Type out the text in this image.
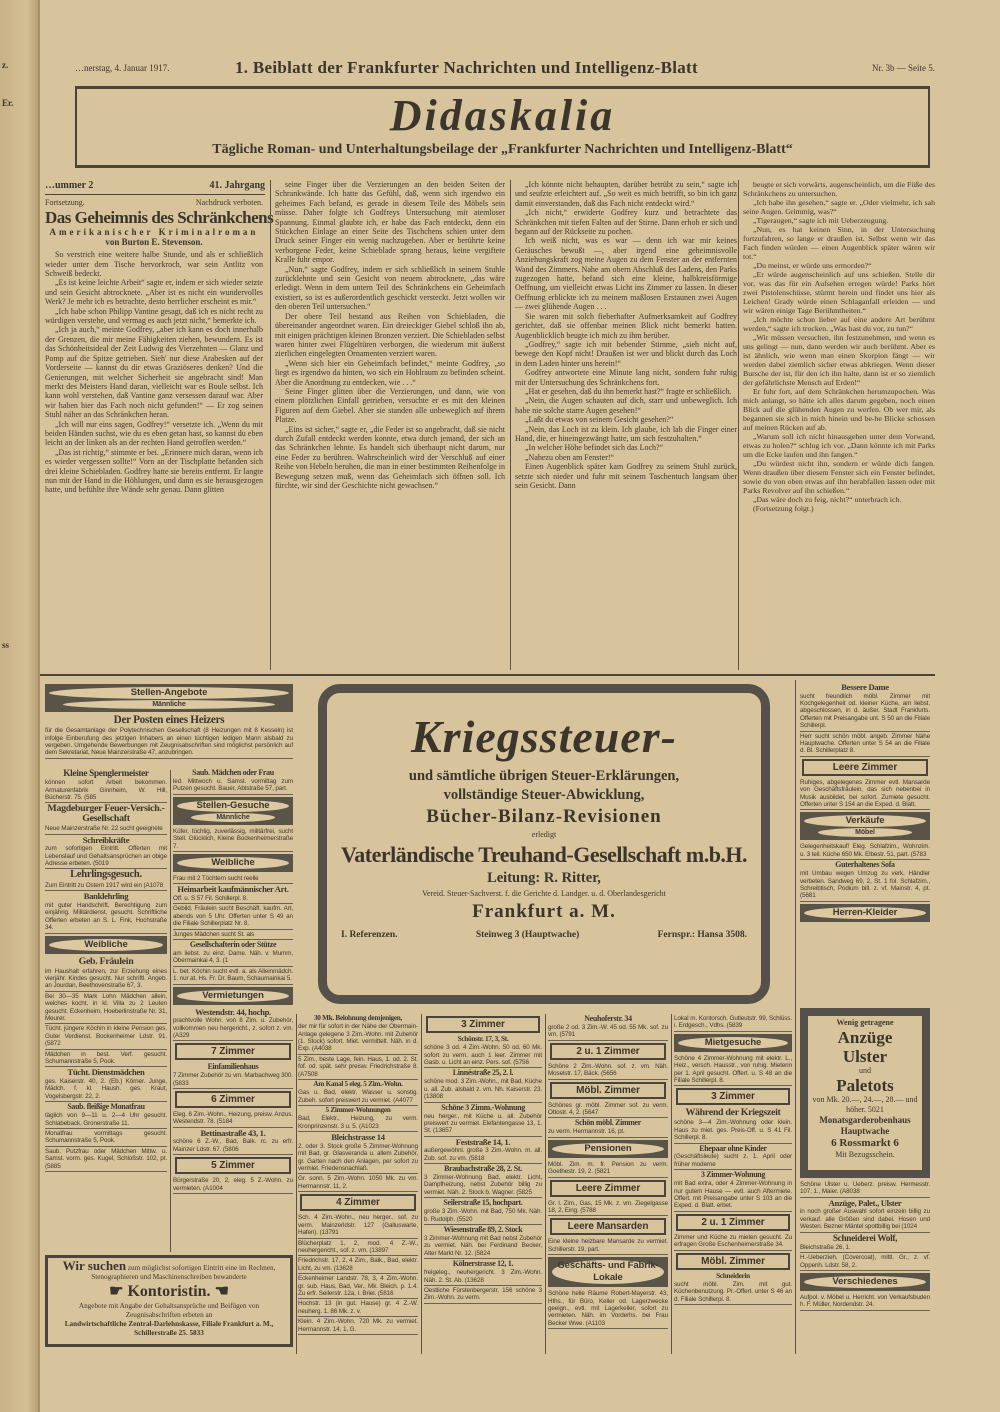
z.
Er.
ss
…nerstag, 4. Januar 1917.	1. Beiblatt der Frankfurter Nachrichten und Intelligenz-Blatt	Nr. 3b — Seite 5.
Didaskalia
Tägliche Roman- und Unterhaltungsbeilage der „Frankfurter Nachrichten und Intelligenz-Blatt“
…ummer 2	41. Jahrgang
Fortsetzung.	Nachdruck verboten.
Das Geheimnis des Schränkchens
Amerikanischer Kriminalroman
von Burton E. Stevenson.

So verstrich eine weitere halbe Stunde, und als er schließlich wieder unter dem Tische hervorkroch, war sein Antlitz von Schweiß bedeckt.

„Es ist keine leichte Arbeit“ sagte er, indem er sich wieder setzte und sein Gesicht abtrocknete. „Aber ist es nicht ein wundervolles Werk? Je mehr ich es betrachte, desto herrlicher erscheint es mir.“

„Ich habe schon Philipp Vantine gesagt, daß ich es nicht recht zu würdigen verstehe, und vermag es auch jetzt nicht,“ bemerkte ich.

„Ich ja auch,“ meinte Godfrey, „aber ich kann es doch innerhalb der Grenzen, die mir meine Fähigkeiten ziehen, bewundern. Es ist das Schönheitsideal der Zeit Ludwig des Vierzehnten — Glanz und Pomp auf die Spitze getrieben. Sieh' nur diese Arabesken auf der Vorderseite — kannst du dir etwas Graziöseres denken? Und die Genierungen, mit welcher Sicherheit sie angebracht sind! Man merkt des Meisters Hand daran, vielleicht war es Boule selbst. Ich kann wohl verstehen, daß Vantine ganz versessen darauf war. Aber wir haben hier das Fach noch nicht gefunden!“ — Er zog seinen Stuhl näher an das Schränkchen heran.

„Ich will nur eins sagen, Godfrey!“ versetzte ich. „Wenn du mit beiden Händen suchst, wie du es eben getan hast, so kannst du eben leicht an der linken als an der rechten Hand getroffen werden.“

„Das ist richtig,“ stimmte er bei. „Erinnere mich daran, wenn ich es wieder vergessen sollte!“ Vorn an der Tischplatte befanden sich drei kleine Schiebladen. Godfrey hatte sie bereits entfernt. Er langte nun mit der Hand in die Höhlungen, und dann es sie herausgezogen hatte, und befühlte ihre Wände sehr genau. Dann glitten

seine Finger über die Verzierungen an den beiden Seiten der Schrankwände. Ich hatte das Gefühl, daß, wenn sich irgendwo ein geheimes Fach befand, es gerade in diesem Teile des Möbels sein müsse. Daher folgte ich Godfreys Untersuchung mit atemloser Spannung. Einmal glaubte ich, er habe das Fach entdeckt, denn ein Stückchen Einlage an einer Seite des Tischchens schien unter dem Druck seiner Finger ein wenig nachzugeben. Aber er berührte keine verborgene Feder, keine Schieblade sprang heraus, keine vergiftete Kralle fuhr empor.

„Nun,“ sagte Godfrey, indem er sich schließlich in seinem Stuhle zurücklehnte und sein Gesicht von neuem abtrocknete, „das wäre erledigt. Wenn in dem untern Teil des Schränkchens ein Geheimfach existiert, so ist es außerordentlich geschickt versteckt. Jetzt wollen wir den oberen Teil untersuchen.“

Der obere Teil bestand aus Reihen von Schiebladen, die übereinander angeordnet waren. Ein dreieckiger Giebel schloß ihn ab, mit einigen prächtigen kleinen Bronzen verziert. Die Schiebladen selbst waren hinter zwei Flügeltüren verborgen, die wiederum mit äußerst zierlichen eingelegten Ornamenten verziert waren.

„Wenn sich hier ein Geheimfach befindet,“ meinte Godfrey, „so liegt es irgendwo da hinten, wo sich ein Hohlraum zu befinden scheint. Aber die Anordnung zu entdecken, wie . . .“

Seine Finger glitten über die Verzierungen, und dann, wie von einem plötzlichen Einfall getrieben, versuchte er es mit den kleinen Figuren auf dem Giebel. Aber sie standen alle unbeweglich auf ihrem Platze.

„Eins ist sicher,“ sagte er, „die Feder ist so angebracht, daß sie nicht durch Zufall entdeckt werden konnte, etwa durch jemand, der sich an das Schränkchen lehnte. Es handelt sich überhaupt nicht darum, nur eine Feder zu berühren. Wahrscheinlich wird der Verschluß auf einer Reihe von Hebeln beruhen, die man in einer bestimmten Reihenfolge in Bewegung setzen muß, wenn das Geheimfach sich öffnen soll. Ich fürchte, wir sind der Geschichte nicht gewachsen.“

„Ich könnte nicht behaupten, darüber betrübt zu sein,“ sagte ich und seufzte erleichtert auf. „So weit es mich betrifft, so bin ich ganz damit einverstanden, daß das Fach nicht entdeckt wird.“

„Ich nicht,“ erwiderte Godfrey kurz und betrachtete das Schränkchen mit tiefen Falten auf der Stirne. Dann erhob er sich und begann auf der Rückseite zu pochen.

Ich weiß nicht, was es war — denn ich war mir keines Geräusches bewußt —, aber irgend eine geheimnisvolle Anziehungskraft zog meine Augen zu dem Fenster an der entfernten Wand des Zimmers. Nahe am obern Abschluß des Ladens, den Parks zugezogen hatte, befand sich eine kleine, halbkreisförmige Oeffnung, um vielleicht etwas Licht ins Zimmer zu lassen. In dieser Oeffnung erblickte ich zu meinem maßlosen Erstaunen zwei Augen — zwei glühende Augen . . .

Sie waren mit solch fieberhafter Aufmerksamkeit auf Godfrey gerichtet, daß sie offenbar meinen Blick nicht bemerkt hatten. Augenblicklich beugte ich mich zu ihm herüber.

„Godfrey,“ sagte ich mit bebender Stimme, „sieh nicht auf, bewege den Kopf nicht! Draußen ist wer und blickt durch das Loch in dem Laden hinter uns herein!“

Godfrey antwortete eine Minute lang nicht, sondern fuhr ruhig mit der Untersuchung des Schränkchens fort.

„Hat er gesehen, daß du ihn bemerkt hast?“ fragte er schließlich.

„Nein, die Augen schauten auf dich, starr und unbeweglich. Ich habe nie solche starre Augen gesehen!“

„Laßt du etwas von seinem Gesicht gesehen?“

„Nein, das Loch ist zu klein. Ich glaube, ich lab die Finger einer Hand, die, er hineingezwängt hatte, um sich festzuhalten.“

„In welcher Höhe befindet sich das Loch?“

„Nahezu oben am Fenster!“

Einen Augenblick später kam Godfrey zu seinem Stuhl zurück, setzte sich nieder und fuhr mit seinem Taschentuch langsam über sein Gesicht. Dann

beugte er sich vorwärts, augenscheinlich, um die Füße des Schränkchens zu untersuchen.

„Ich habe ihn gesehen,“ sagte er. „Oder vielmehr, ich sah seine Augen. Grimmig, was?“

„Tigeraugen,“ sagte ich mit Ueberzeugung.

„Nun, es hat keinen Sinn, in der Untersuchung fortzufahren, so lange er draußen ist. Selbst wenn wir das Fach finden würden — einen Augenblick später wären wir tot.“

„Du meinst, er würde uns ermorden?“

„Er würde augenscheinlich auf uns schießen. Stelle dir vor, was das für ein Aufsehen erregen würde! Parks hört zwei Pistolenschüsse, stürmt herein und findet uns hier als Leichen! Grady würde einen Schlaganfall erleiden — und wir wären einige Tage Berühmtheiten.“

„Ich möchte schon lieber auf eine andere Art berühmt werden,“ sagte ich trocken. „Was hast du vor, zu tun?“

„Wir müssen versuchen, ihn festzunehmen, und wenn es uns gelingt — nun, dann werden wir auch berühmt. Aber es ist ähnlich, wie wenn man einen Skorpion fängt — wir werden dabei ziemlich sicher etwas abkriegen. Wenn dieser Bursche der ist, für den ich ihn halte, dann ist er so ziemlich der gefährlichste Mensch auf Erden!“

Er fuhr fort, auf dem Schränkchen herumzupochen. Was mich anlangt, so hätte ich alles darum gegeben, noch einen Blick auf die glühenden Augen zu werfen. Ob wer mir, als begannen sie sich in mich hinein und be-he Blicke schossen auf meinen Rücken auf ab.

„Warum soll ich nicht hinausgehen unter dem Vorwand, etwas zu holen?“ schlug ich vor. „Dann könnte ich mit Parks um die Ecke laufen und ihn fangen.“

„Du würdest nicht ihn, sondern er würde dich fangen. Wenn draußen über diesem Fenster sich ein Fenster befindet, sowie du von oben etwas auf ihn herabfallen lassen oder mit Parks Revolver auf ihn schießen.“

„Das wäre doch zu feig, nicht?“ unterbrach ich.

(Fortsetzung folgt.)

Stellen-Angebote
Männliche
Der Posten eines Heizers
für die Gesamtanlage der Polytechnischen Gesellschaft (8 Heizungen mit 8 Kesseln) ist infolge Einberufung des jetzigen Inhabers an einen tüchtigen ledigen Mann alsbald zu vergeben. Umgehende Bewerbungen mit Zeugnisabschriften sind möglichst persönlich auf dem Sekretariat, Neue Mainzerstraße 47, anzubringen.
Kleine Spenglermeister
können sofort Arbeit bekommen. Armaturenfabrik Ginnheim, W. Hill, Bücherstr. 75. (585
Magdeburger Feuer-Versich.-Gesellschaft
Neue Mainzerstraße Nr. 22 sucht geeignete
Schreibkräfte
zum sofortigen Eintritt. Offerten mit Lebenslauf und Gehaltsansprüchen an obige Adresse erbeten. (5019
Lehrlingsgesuch.
Zum Eintritt zu Ostern 1917 wird ein (A1078
Banklehrling
mit guter Handschrift, Berechtigung zum einjährig. Militärdienst, gesucht. Schriftliche Offerten erbeten an S. L. Fink, Hochstraße 34.
Weibliche
Geb. Fräulein
im Haushalt erfahren, zur Erziehung eines vierjähr. Kindes gesucht. Nur schriftl. Angeb. an Jourdan, Beethovenstraße 67, 3.
Bei 30—35 Mark Lohn Mädchen allein, welches kocht, in kl. Villa zu 2 Leuten gesucht. Eckenheim, Hoeberlinstraße Nr. 31, Meurer.
Tücht. jüngere Köchin in kleine Pension ges. Guter Verdienst. Bockenheimer Ldstr. 91. (5872
Mädchen in best. Verf. gesucht. Schumannstraße 5, Pook.
Tücht. Dienstmädchen
ges. Kaiserstr. 40, 2. (Eb.) Körner. Junge, Mädch. f. kl. Haush. ges. Kraut, Vogelsbergstr. 22, 2.
Saub. fleißige Monatfrau
täglich von 9—11 u. 2—4 Uhr gesucht. Schlabeback, Gronerstraße 11.
Monatfrau vormittags gesucht. Schumannstraße 5, Pook.
Saub. Putzfrau oder Mädchen Mittw. u. Samst. vorm. ges. Kugel, Schloßstr. 102, pt. (5885
Saub. Mädchen oder Frau
led. Mittwoch u. Samst. vormittag zum Putzen gesucht. Bauer, Abtstraße 57, part.
Stellen-Gesuche
Männliche
Küfer, tüchtig, zuverlässig, militärfrei, sucht Stell. Glücklich, Kleine Bockenheimerstraße 7.
Weibliche
Frau mit 2 Töchtern sucht reelle
Heimarbeit kaufmännischer Art.
Off. u. S 57 Fil. Schillerpl. 8.
Gebild. Fräulein sucht Beschäft. kaufm. Art, abends von 5 Uhr. Offerten unter S 49 an die Filiale Schillerplatz Nr. 8.
Junges Mädchen sucht St. als
Gesellschafterin oder Stütze
am liebst. zu einz. Dame. Näh. v. Mumm, Obermainkai 4, 3. (1
L. bet. Köchin sucht evtl. a. als Alleinmädch. 1. nur at. Hs. Fr. Dr. Baum, Schaumainkai 5.
Vermietungen
Westendstr. 44, hochp.
prachtvolle Wohn. von 8 Zim. u. Zubehör, vollkommen neu hergericht., z. sofort z. vm. (A329
7 Zimmer
Einfamilienhaus
7 Zimmer Zubehör zu vm. Marbachweg 300. (5833
6 Zimmer
Eleg. 6 Zim.-Wohn., Heizung, preisw. Anzus. Westendstr. 78. (5184
Bettinastraße 43, 1.
schöne 6 Z.-W., Bad, Balk. rc. zu erfr. Mainzer Ldstr. 67. (5806
5 Zimmer
Bürgerstraße 20, 2, eleg. 5 Z.-Wohn. zu vermieten. (A1004
Wir suchen zum möglichst sofortigen Eintritt eine im Rechnen, Stenographieren und Maschinenschreiben bewanderte
☛ Kontoristin. ☚
Angebote mit Angabe der Gehaltsansprüche und Beifügen von Zeugnisabschriften erbeten an
Landwirtschaftliche Zentral-Darlehnskasse, Filiale Frankfurt a. M., Schillerstraße 25. 5833
Kriegssteuer-
und sämtliche übrigen Steuer-Erklärungen,
vollständige Steuer-Abwicklung,
Bücher-Bilanz-Revisionen
erledigt
Vaterländische Treuhand-Gesellschaft m.b.H.
Leitung: R. Ritter,
Vereid. Steuer-Sachverst. f. die Gerichte d. Landger. u. d. Oberlandesgericht
Frankfurt a. M.
I. Referenzen.	Steinweg 3 (Hauptwache)	Fernspr.: Hansa 3508.
30 Mk. Belohnung demjenigen,
der mir für sofort in der Nähe der Obermain-Anlage gelegene 3 Zim.-Wohn. mit Zubehör (1. Stock) sofort. Miet. vermittelt. Näh. in d. Exp. (A4038
5 Zim., beste Lage, fein. Haus, 1. od. 2. St. fof. od. spät. sehr preisw. Friedrichstraße 8. (A7508
Am Kanal 5 eleg. 5 Zim.-Wohn.
Gas u. Bad, elektr. Wasser u. sonstig. Zubeh. sofort preiswert zu vermiet. (A4077
5 Zimmer-Wohnungen
Bad, Elektr., Heizung, zu verm. Kronprinzenstr. 3 u. 5. (A1023
Bleichstrasse 14
2. oder 3. Stock große 5 Zimmer-Wohnung mit Bad, gr. Glasveranda u. allem Zubehör, gr. Garten nach den Anlagen, per sofort zu vermiet. Friedensnachlaß.
Gr. sonn. 5 Zim.-Wohn. 1050 Mk. zu vm. Hermannstr. 11, 2.
4 Zimmer
Sch. 4 Zim.-Wohn., neu herger., sof. zu verm. Mainzerldstr. 127 (Galluswarte, Hafen). (13791
Blücherplatz 1, 2, mod. 4 Z.-W., neuhergericht., sof. z. vm. (13897
Friedrichstr. 17, 2, 4 Zim., Balk., Bad, elektr. Licht, zu vm. (13628
Eckenheimer Landstr. 78, 3, 4 Zim.-Wohn. gr. sub. Haus, Bad, Ver., Mk. Bleich. p. 1.4. Zu erfr. Seilerstr. 12a, I. Briel. (5816
Hochstr. 13 (in gut. Hause) gr. 4 Z.-W. neuherg. 1. 86 Mk. z. v.
Klein. 4 Zim.-Wohn. 720 Mk. zu vermiet. Hermannstr. 14, 1, G.
3 Zimmer
Schönstr. 17, 3, St.
schöne 3 od. 4 Zim.-Wohn. 50 od. 60 Mk. sofort zu verm. auch 1 leer. Zimmer mit Gasb. u. Licht an einz. Pers. sof. (5756
Linnéstraße 25, 2. l.
schöne mod. 3 Zim.-Wohn., mit Bad, Küche u. all. Zub. alsbald z. vm. Nh. Kaiserstr. 23. (13808
Schöne 3 Zimm.-Wohnung
neu herger., mit Küche u. all. Zubehör preiswert zu vermiet. Elefantengasse 13, 1. St. (13657
Feststraße 14, 1.
außergewöhnl. große 3 Zim.-Wohn. m. all. Zub. sof. zu vm. (5818
Braubachstraße 28, 2. St.
3 Zimmer-Wohnung Bad, elektr. Licht, Dampfheizung, nebst Zubehör billig zu vermiet. Näh. 2. Stock b. Wagner. (5825
Seilerstraße 15, hochpart.
große 3 Zim.-Wohn. mit Bad, 750 Mk. Näh. b. Rudolph. (5520
Wiesenstraße 89, 2. Stock
3 Zimmer-Wohnung mit Bad nebst Zubehör zu vermiet. Näh. bei Ferdinand Becker, Alter Markt Nr. 12. (5824
Kölnerstrasse 12, 1.
freigeleg., neuhergericht. 3 Zim.-Wohn. Näh. 2. St. Ab. (13628
Oestliche Fürstenbergerstr. 156 schöne 3 Zim.-Wohn. zu verm.
Neuhoferstr. 34
große 2 od. 3 Zim.-W. 45 od. 55 Mk. sof. zu vm. (5791
2 u. 1 Zimmer
Schöne 2 Zim.-Wohn. sof. z. vm. Näh. Moselstr. 17, Bäck. (5656
Möbl. Zimmer
Schönes gr. möbl. Zimmer sof. zu verm. Ottostr. 4, 2. (5647
Schön möbl. Zimmer
zu verm. Hermannstr. 16, pt.
Pensionen
Möbl. Zim. m. fr. Pension zu verm. Goethestr. 19, 2. (5821
Leere Zimmer
Gr. l. Zim., Gas, 15 Mk. z. vm. Ziegelgasse 18, 2, Eing. (5788
Leere Mansarden
Eine kleine heizbare Mansarde zu vermiet. Schillerstr. 19, part.
Geschäfts- und Fabrik-Lokale
Schöne helle Räume Robert-Mayerstr. 43, Hths., für Büro, Keller od. Lagerzwecke geeign., evtl. mit Lagerkeller, sofort zu vermieten. Näh. im Vorderhs. bei Frau Becker Wwe. (A1103
Lokal m. Kontorsch. Gutleutstr. 99, Schlüss. i. Erdgesch., Vdhs. (5839
Mietgesuche
Schöne 4 Zimmer-Wohnung mit elektr. L., Heiz., versch. Hausstr., von ruhig. Mieterin per 1. April gesucht. Offert. u. S 48 an die Filiale Schillerpl. 8.
3 Zimmer
Während der Kriegszeit
schöne 3—4 Zim.-Wohnung oder klein. Haus zu miet. ges. Preis-Off. u. S 41 Fil. Schillerpl. 8.
Ehepaar ohne Kinder
(Geschäftsleute) sucht z. 1. April oder früher moderne
3 Zimmer-Wohnung
mit Bad extra, oder 4 Zimmer-Wohnung in nur gutem Hause — evtl. auch Aftermiete. Offert. mit Preisangabe unter S 103 an die Exped. d. Blatt. erbet.
2 u. 1 Zimmer
Zimmer und Küche zu mieten gesucht. Zu erfragen Große Eschenheimerstraße 34.
Möbl. Zimmer
Schneiderin
sucht möbl. Zim. mit gut. Küchenbenutzung. Pr.-Offert. unter S 46 an d. Filiale Schillerpl. 8.
Bessere Dame
sucht freundlich möbl. Zimmer mit Kochgelegenheit od. kleiner Küche, am liebst. abgeschlossen, in d. äußer. Stadt Frankfurts. Offerten mit Preisangabe unt. S 50 an die Filiale Schillerpl.
Herr sucht schön möbl. angeb. Zimmer Nähe Hauptwache. Offerten unter S 54 an die Filiale d. Bl. Schillerplatz 8.
Leere Zimmer
Ruhiges, abgelegenes Zimmer evtl. Mansarde von Geschäftsfräulein, das sich nebenbei in Musik ausbildet, bei sofort. Zumiete gesucht. Offerten unter S 154 an die Exped. d. Blatt.
Verkäufe
Möbel
Gelegenheitskauf! Eleg. Schlafzim., Wohnzim. u. 3 teil. Küche 650 Mk. Elbestr. 51, part. (5783
Guterhaltenes Sofa
mit Umbau wegen Umzug zu verk. Händler verbeten. Sandweg 69, 2, St. 1 fol. Schlafzim., Schreibtisch, Podium bill. z. vf. Mainstr. 4, pt. (5681
Herren-Kleider
Wenig getragene
Anzüge
Ulster
und
Paletots
von Mk. 20.—, 24.—, 28.— und höher. 5021
Monatsgarderobenhaus Hauptwache
6 Rossmarkt 6
Mit Bezugsschein.
Schöne Ulster u. Ueberz. preisw. Hermesstr. 107, 1., Maier. (A8038
Anzüge, Palet., Ulster
in noch großer Auswahl sofort einzeln billig zu verkauf. alle Größen sind dabei. Hosen und Westen. Bezner Mäntel spottbillig bei (1024
Schneiderei Wolf,
Bleichstraße 26, 1.
H.-Ueberzieh. (Covercoat), mittl. Gr., z. vf. Oppenh. Ldstr. 58, 2.
Verschiedenes
Aufpol. v. Möbel u. Herricht. von Verkaufsbuden h. F. Müller, Nordendstr. 24.
